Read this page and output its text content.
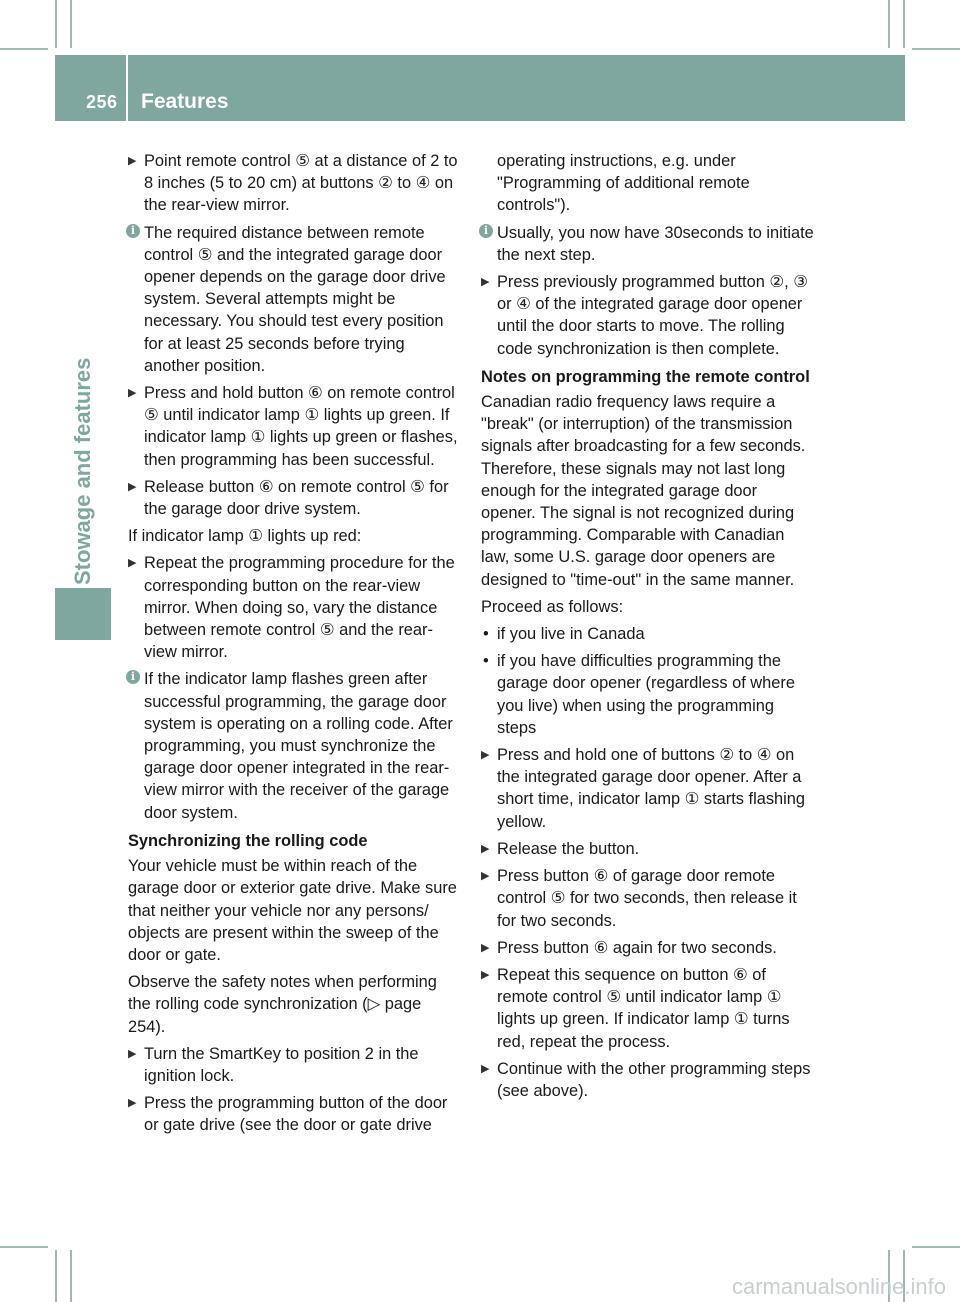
256 Features
Stowage and features
▶ Point remote control ⑤ at a distance of 2 to 8 inches (5 to 20 cm) at buttons ② to ④ on the rear-view mirror.
i The required distance between remote control ⑤ and the integrated garage door opener depends on the garage door drive system. Several attempts might be necessary. You should test every position for at least 25 seconds before trying another position.
▶ Press and hold button ⑥ on remote control ⑤ until indicator lamp ① lights up green. If indicator lamp ① lights up green or flashes, then programming has been successful.
▶ Release button ⑥ on remote control ⑤ for the garage door drive system.
If indicator lamp ① lights up red:
▶ Repeat the programming procedure for the corresponding button on the rear-view mirror. When doing so, vary the distance between remote control ⑤ and the rear-view mirror.
i If the indicator lamp flashes green after successful programming, the garage door system is operating on a rolling code. After programming, you must synchronize the garage door opener integrated in the rear-view mirror with the receiver of the garage door system.
Synchronizing the rolling code
Your vehicle must be within reach of the garage door or exterior gate drive. Make sure that neither your vehicle nor any persons/ objects are present within the sweep of the door or gate.
Observe the safety notes when performing the rolling code synchronization (▷ page 254).
▶ Turn the SmartKey to position 2 in the ignition lock.
▶ Press the programming button of the door or gate drive (see the door or gate drive
operating instructions, e.g. under "Programming of additional remote controls").
i Usually, you now have 30seconds to initiate the next step.
▶ Press previously programmed button ②, ③ or ④ of the integrated garage door opener until the door starts to move. The rolling code synchronization is then complete.
Notes on programming the remote control
Canadian radio frequency laws require a "break" (or interruption) of the transmission signals after broadcasting for a few seconds. Therefore, these signals may not last long enough for the integrated garage door opener. The signal is not recognized during programming. Comparable with Canadian law, some U.S. garage door openers are designed to "time-out" in the same manner.
Proceed as follows:
• if you live in Canada
• if you have difficulties programming the garage door opener (regardless of where you live) when using the programming steps
▶ Press and hold one of buttons ② to ④ on the integrated garage door opener. After a short time, indicator lamp ① starts flashing yellow.
▶ Release the button.
▶ Press button ⑥ of garage door remote control ⑤ for two seconds, then release it for two seconds.
▶ Press button ⑥ again for two seconds.
▶ Repeat this sequence on button ⑥ of remote control ⑤ until indicator lamp ① lights up green. If indicator lamp ① turns red, repeat the process.
▶ Continue with the other programming steps (see above).
carmanualsonline.info
